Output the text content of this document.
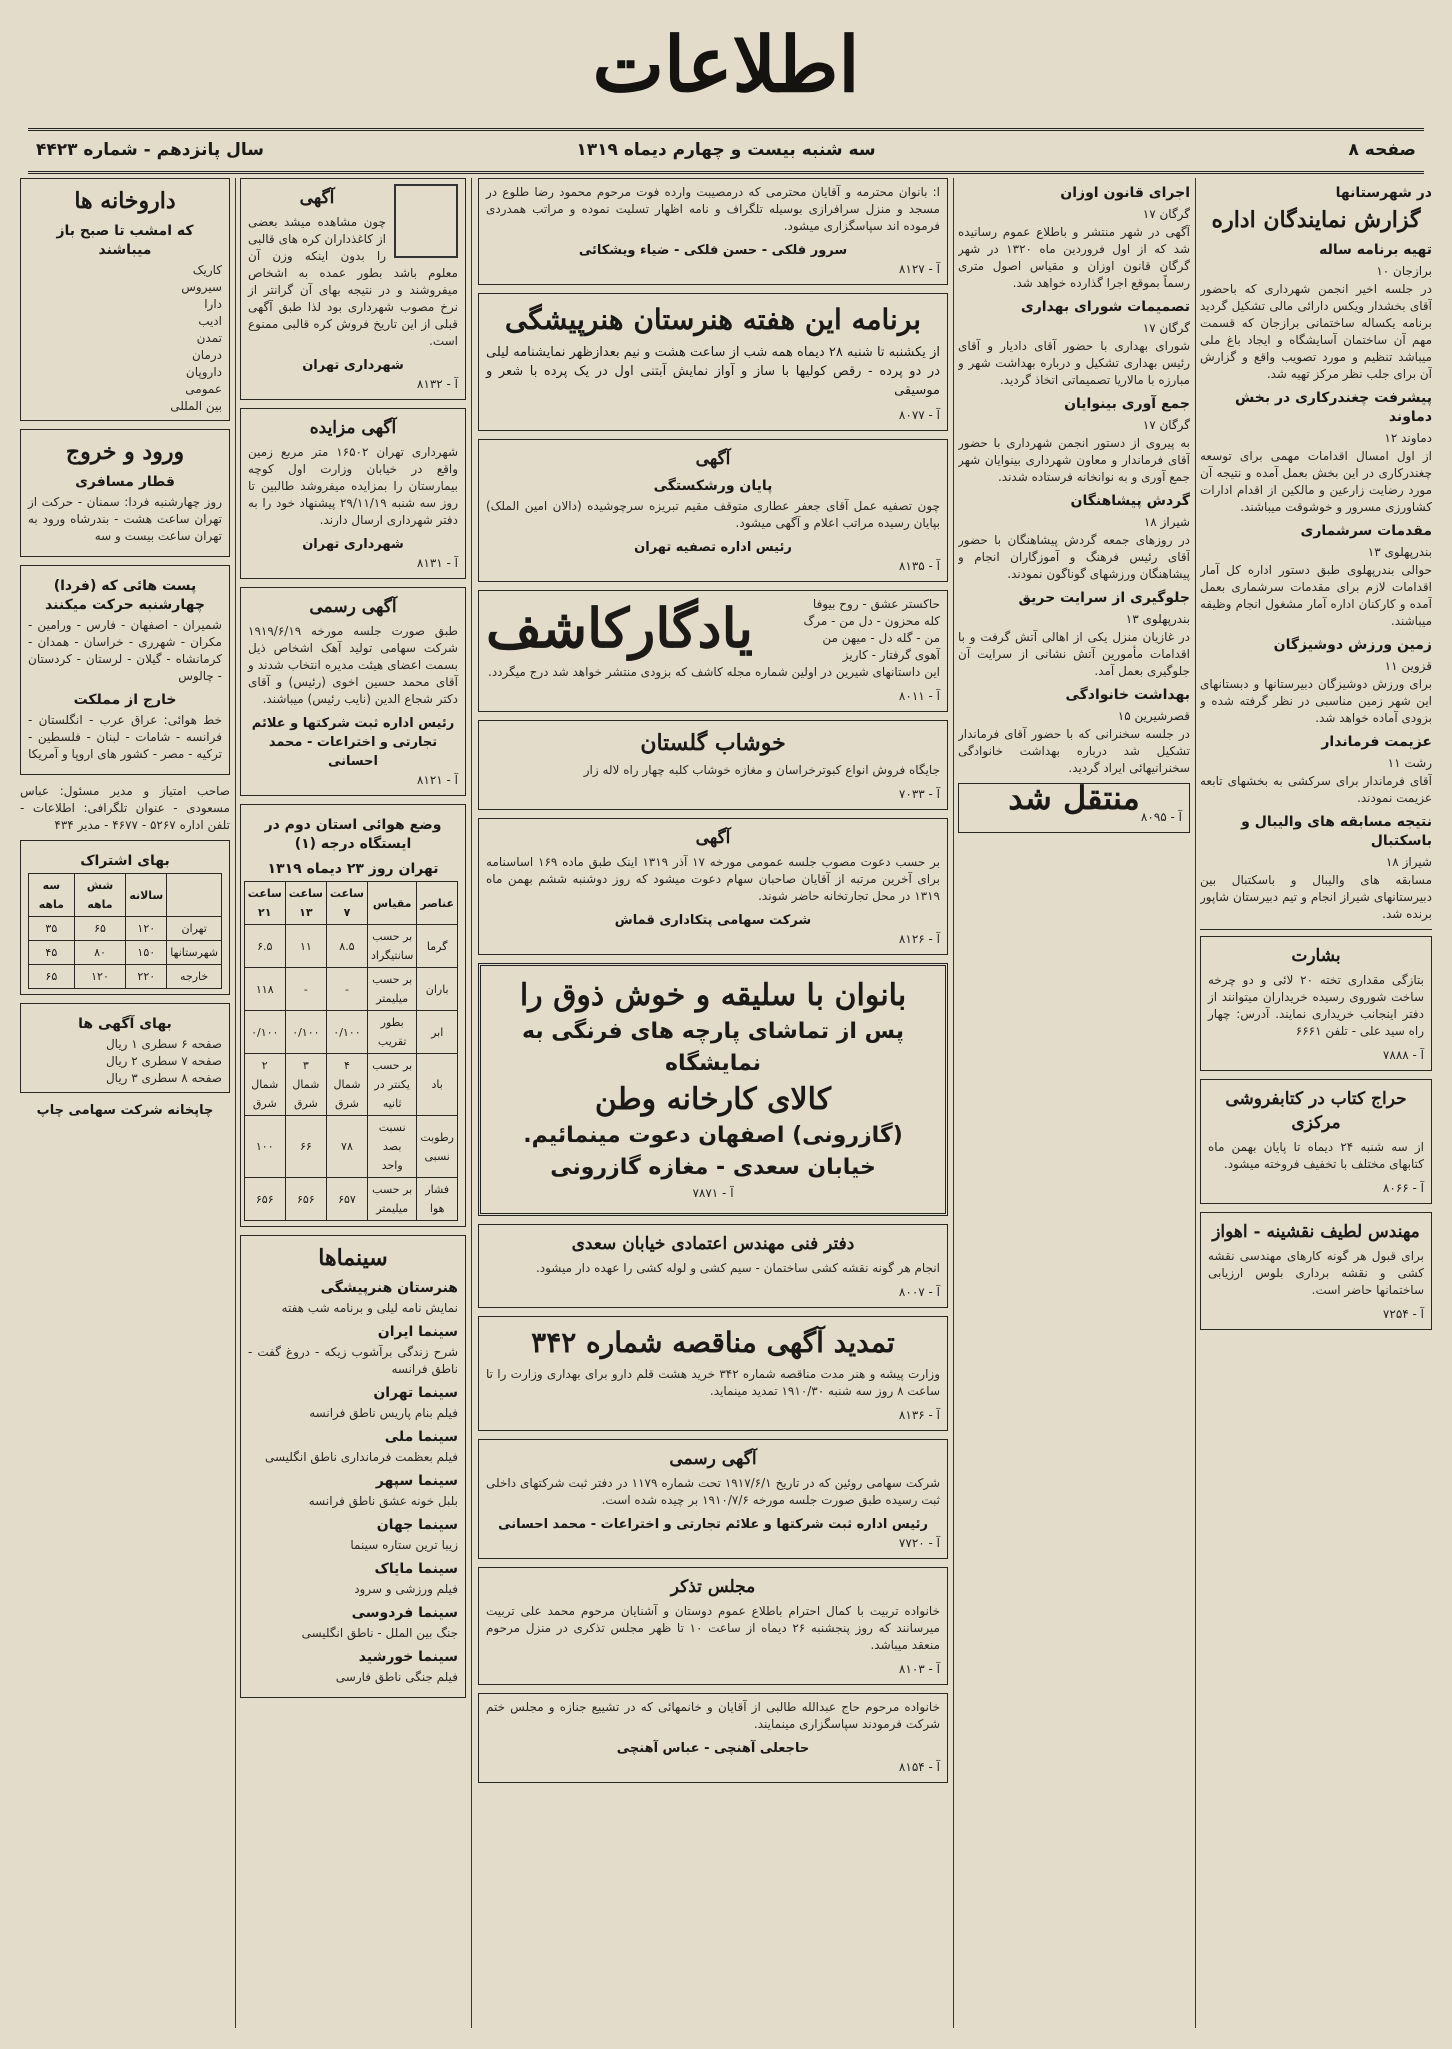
اطلاعات
صفحه ۸
سه شنبه بیست و چهارم دیماه ۱۳۱۹
سال پانزدهم - شماره ۴۴۲۳
در شهرستانها
گزارش نمایندگان اداره
تهیه برنامه ساله
برازجان ۱۰

در جلسه اخیر انجمن شهرداری که باحضور آقای بخشدار ویکس دارائی مالی تشکیل گردید برنامه یکساله ساختمانی برازجان که قسمت مهم آن ساختمان آسایشگاه و ایجاد باغ ملی میباشد تنظیم و مورد تصویب واقع و گزارش آن برای جلب نظر مرکز تهیه شد.

پیشرفت چغندرکاری در بخش دماوند
دماوند ۱۲

از اول امسال اقدامات مهمی برای توسعه چغندرکاری در این بخش بعمل آمده و نتیجه آن مورد رضایت زارعین و مالکین از اقدام ادارات کشاورزی مسرور و خوشوقت میباشند.

مقدمات سرشماری
بندرپهلوی ۱۳

حوالی بندرپهلوی طبق دستور اداره کل آمار اقدامات لازم برای مقدمات سرشماری بعمل آمده و کارکنان اداره آمار مشغول انجام وظیفه میباشند.

زمین ورزش دوشیزگان
قزوین ۱۱

برای ورزش دوشیزگان دبیرستانها و دبستانهای این شهر زمین مناسبی در نظر گرفته شده و بزودی آماده خواهد شد.

عزیمت فرماندار
رشت ۱۱

آقای فرماندار برای سرکشی به بخشهای تابعه عزیمت نمودند.

نتیجه مسابقه های والیبال و باسکتبال
شیراز ۱۸

مسابقه های والیبال و باسکتبال بین دبیرستانهای شیراز انجام و تیم دبیرستان شاپور برنده شد.

بشارت

بتازگی مقداری تخته ۲۰ لائی و دو چرخه ساخت شوروی رسیده خریداران میتوانند از دفتر اینجانب خریداری نمایند. آدرس: چهار راه سید علی - تلفن ۶۶۶۱

آ - ۷۸۸۸
حراج کتاب در کتابفروشی مرکزی

از سه شنبه ۲۴ دیماه تا پایان بهمن ماه کتابهای مختلف با تخفیف فروخته میشود.

آ - ۸۰۶۶
مهندس لطیف نقشینه - اهواز

برای قبول هر گونه کارهای مهندسی نقشه کشی و نقشه برداری بلوس ارزیابی ساختمانها حاضر است.

آ - ۷۲۵۴
اجرای قانون اوزان
گرگان ۱۷

آگهی در شهر منتشر و باطلاع عموم رسانیده شد که از اول فروردین ماه ۱۳۲۰ در شهر گرگان قانون اوزان و مقیاس اصول متری رسماً بموقع اجرا گذارده خواهد شد.

تصمیمات شورای بهداری
گرگان ۱۷

شورای بهداری با حضور آقای دادیار و آقای رئیس بهداری تشکیل و درباره بهداشت شهر و مبارزه با مالاریا تصمیماتی اتخاذ گردید.

جمع آوری بینوایان
گرگان ۱۷

به پیروی از دستور انجمن شهرداری با حضور آقای فرماندار و معاون شهرداری بینوایان شهر جمع آوری و به نوانخانه فرستاده شدند.

گردش پیشاهنگان
شیراز ۱۸

در روزهای جمعه گردش پیشاهنگان با حضور آقای رئیس فرهنگ و آموزگاران انجام و پیشاهنگان ورزشهای گوناگون نمودند.

جلوگیری از سرایت حریق
بندرپهلوی ۱۳

در غازیان منزل یکی از اهالی آتش گرفت و با اقدامات مأمورین آتش نشانی از سرایت آن جلوگیری بعمل آمد.

بهداشت خانوادگی
قصرشیرین ۱۵

در جلسه سخنرانی که با حضور آقای فرماندار تشکیل شد درباره بهداشت خانوادگی سخنرانیهائی ایراد گردید.

منتقل شد آ - ۸۰۹۵

ا: بانوان محترمه و آقایان محترمی که درمصیبت وارده فوت مرحوم محمود رضا طلوع در مسجد و منزل سرافرازی بوسیله تلگراف و نامه اظهار تسلیت نموده و مراتب همدردی فرموده اند سپاسگزاری میشود.

سرور فلکی - حسن فلکی - ضیاء ویشکائی
آ - ۸۱۲۷
برنامه این هفته هنرستان هنرپیشگی

از یکشنبه تا شنبه ۲۸ دیماه همه شب از ساعت هشت و نیم بعدازظهر نمایشنامه لیلی در دو پرده - رقص کولیها با ساز و آواز نمایش آبتنی اول در یک پرده با شعر و موسیقی

آ - ۸۰۷۷
آگهی
پایان ورشکستگی

چون تصفیه عمل آقای جعفر عطاری متوقف مقیم تبریزه سرچوشیده (دالان امین الملک) بپایان رسیده مراتب اعلام و آگهی میشود.

رئیس اداره تصفیه تهران
آ - ۸۱۳۵
حاکستر عشق - روح بیوفا
کله محزون - دل من - مرگ
من - گله دل - میهن من
آهوی گرفتار - کاریز
یادگارکاشف

این داستانهای شیرین در اولین شماره مجله کاشف که بزودی منتشر خواهد شد درج میگردد.

آ - ۸۰۱۱
خوشاب گلستان

جایگاه فروش انواع کبوترخراسان و مغازه خوشاب کلبه چهار راه لاله زار

آ - ۷۰۳۳
آگهی

بر حسب دعوت مصوب جلسه عمومی مورخه ۱۷ آذر ۱۳۱۹ اینک طبق ماده ۱۶۹ اساسنامه برای آخرین مرتبه از آقایان صاحبان سهام دعوت میشود که روز دوشنبه ششم بهمن ماه ۱۳۱۹ در محل تجارتخانه حاضر شوند.

شرکت سهامی پتکاداری قماش
آ - ۸۱۲۶
بانوان با سلیقه و خوش ذوق را
پس از تماشای پارچه های فرنگی به نمایشگاه
کالای کارخانه وطن
(گازرونی) اصفهان دعوت مینمائیم.
خیابان سعدی - مغازه گازرونی
آ - ۷۸۷۱
دفتر فنی مهندس اعتمادی خیابان سعدی

انجام هر گونه نقشه کشی ساختمان - سیم کشی و لوله کشی را عهده دار میشود.

آ - ۸۰۰۷
تمدید آگهی مناقصه شماره ۳۴۲

وزارت پیشه و هنر مدت مناقصه شماره ۳۴۲ خرید هشت قلم دارو برای بهداری وزارت را تا ساعت ۸ روز سه شنبه ۱۹۱۰/۳۰ تمدید مینماید.

آ - ۸۱۳۶
آگهی رسمی

شرکت سهامی روئین که در تاریخ ۱۹۱۷/۶/۱ تحت شماره ۱۱۷۹ در دفتر ثبت شرکتهای داخلی ثبت رسیده طبق صورت جلسه مورخه ۱۹۱۰/۷/۶ بر چیده شده است.

رئیس اداره ثبت شرکتها و علائم تجارتی و اختراعات - محمد احسانی
آ - ۷۷۲۰
مجلس تذکر

خانواده تربیت با کمال احترام باطلاع عموم دوستان و آشنایان مرحوم محمد علی تربیت میرسانند که روز پنجشنبه ۲۶ دیماه از ساعت ۱۰ تا ظهر مجلس تذکری در منزل مرحوم منعقد میباشد.

آ - ۸۱۰۳

خانواده مرحوم حاج عبدالله طالبی از آقایان و خانمهائی که در تشییع جنازه و مجلس ختم شرکت فرمودند سپاسگزاری مینمایند.

حاجعلی آهنچی - عباس آهنچی
آ - ۸۱۵۴
آگهی

چون مشاهده میشد بعضی از کاغذداران کره های قالبی را بدون اینکه وزن آن معلوم باشد بطور عمده به اشخاص میفروشند و در نتیجه بهای آن گرانتر از نرخ مصوب شهرداری بود لذا طبق آگهی قبلی از این تاریخ فروش کره قالبی ممنوع است.

شهرداری تهران
آ - ۸۱۳۲
آگهی مزایده

شهرداری تهران ۱۶۵۰۲ متر مربع زمین واقع در خیابان وزارت اول کوچه بیمارستان را بمزایده میفروشد طالبین تا روز سه شنبه ۲۹/۱۱/۱۹ پیشنهاد خود را به دفتر شهرداری ارسال دارند.

شهرداری تهران
آ - ۸۱۳۱
آگهی رسمی

طبق صورت جلسه مورخه ۱۹۱۹/۶/۱۹ شرکت سهامی تولید آهک اشخاص ذیل بسمت اعضای هیئت مدیره انتخاب شدند و آقای محمد حسین اخوی (رئیس) و آقای دکتر شجاع الدین (نایب رئیس) میباشند.

رئیس اداره ثبت شرکتها و علائم تجارتی و اختراعات - محمد احسانی
آ - ۸۱۲۱
وضع هوائی استان دوم در ایستگاه درجه (۱)
تهران روز ۲۳ دیماه ۱۳۱۹
عناصر	مقیاس	ساعت ۷	ساعت ۱۳	ساعت ۲۱
گرما	بر حسب سانتیگراد	۸.۵	۱۱	۶.۵
باران	بر حسب میلیمتر	-	-	۱۱۸
ابر	بطور تقریب	۰/۱۰۰	۰/۱۰۰	۰/۱۰۰
باد	بر حسب یکنتر در ثانیه	۴ شمال شرق	۳ شمال شرق	۲ شمال شرق
رطوبت نسبی	نسبت بصد واحد	۷۸	۶۶	۱۰۰
فشار هوا	بر حسب میلیمتر	۶۵۷	۶۵۶	۶۵۶
سینماها
هنرستان هنرپیشگی

نمایش نامه لیلی و برنامه شب هفته

سینما ایران

شرح زندگی برآشوب زیکه - دروغ گفت - ناطق فرانسه

سینما تهران

فیلم بنام پاریس ناطق فرانسه

سینما ملی

فیلم بعظمت فرمانداری ناطق انگلیسی

سینما سپهر

بلبل خونه عشق ناطق فرانسه

سینما جهان

زیبا ترین ستاره سینما

سینما مایاک

فیلم ورزشی و سرود

سینما فردوسی

جنگ بین الملل - ناطق انگلیسی

سینما خورشید

فیلم جنگی ناطق فارسی

داروخانه ها
که امشب تا صبح باز میباشند
کاریک
سیروس
دارا
ادیب
تمدن
درمان
داروپان
عمومی
بین المللی
ورود و خروج
قطار مسافری

روز چهارشنبه فردا: سمنان - حرکت از تهران ساعت هشت - بندرشاه ورود به تهران ساعت بیست و سه

پست هائی که (فردا) چهارشنبه حرکت میکنند

شمیران - اصفهان - فارس - ورامین - مکران - شهرری - خراسان - همدان - کرمانشاه - گیلان - لرستان - کردستان - چالوس

خارج از مملکت

خط هوائی: عراق عرب - انگلستان - فرانسه - شامات - لبنان - فلسطین - ترکیه - مصر - کشور های اروپا و آمریکا

صاحب امتیاز و مدیر مسئول: عباس مسعودی - عنوان تلگرافی: اطلاعات - تلفن اداره ۵۲۶۷ - ۴۶۷۷ - مدیر ۴۳۴

بهای اشتراک
	سالانه	شش ماهه	سه ماهه
تهران	۱۲۰	۶۵	۳۵
شهرستانها	۱۵۰	۸۰	۴۵
خارجه	۲۲۰	۱۲۰	۶۵
بهای آگهی ها
صفحه ۶ سطری ۱ ریال
صفحه ۷ سطری ۲ ریال
صفحه ۸ سطری ۳ ریال
چاپخانه شرکت سهامی چاپ
